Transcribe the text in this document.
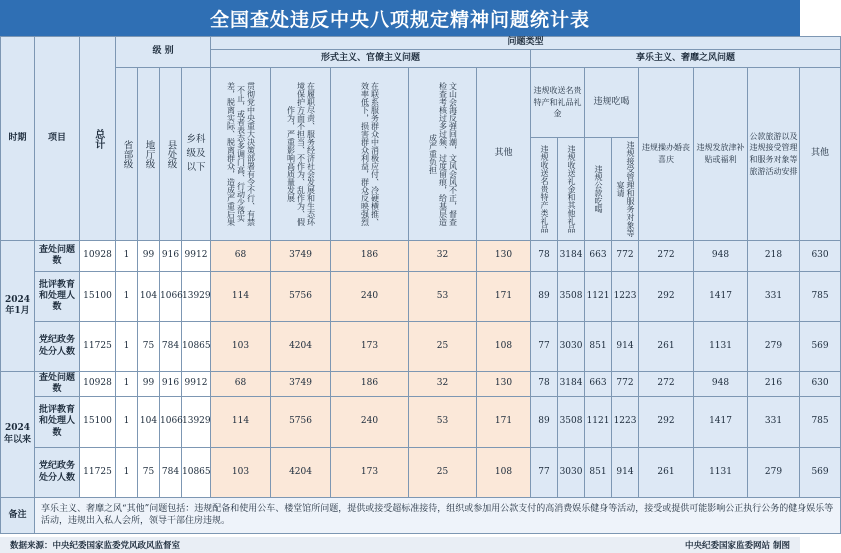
全国查处违反中央八项规定精神问题统计表
时期	项目	总计	级 别				问题类型												
							形式主义、官僚主义问题					享乐主义、奢靡之风问题							

			省部级	地厅级	县处级	乡科级及以下	贯彻党中央重大决策部署有令不行、有禁不止，或者表态多调门高、行动少落实差，脱离实际、脱离群众，造成严重后果	在履职尽责、服务经济社会发展和生态环境保护方面不担当、不作为、乱作为、假作为，严重影响高质量发展	在联系服务群众中消极应付、冷硬横推、效率低下，损害群众利益，群众反映强烈	文山会海反弹回潮，文风会风不正，督查检查考核过多过频、过度留痕，给基层造成严重负担	其他	违规收送名贵特产和礼品礼金		违规吃喝		违规操办婚丧喜庆	违规发放津补贴或福利	公款旅游以及违规接受管理和服务对象等旅游活动安排	其他

												违规收送名贵特产类礼品	违规收送礼金和其他礼品	违规公款吃喝	违规接受管理和服务对象等宴请				

2024
年1月	查处问题数	10928	1	99	916	9912	68	3749	186	32	130	78	3184	663	772	272	948	218	630
	批评教育和处理人数	15100	1	104	1066	13929	114	5756	240	53	171	89	3508	1121	1223	292	1417	331	785
	党纪政务处分人数	11725	1	75	784	10865	103	4204	173	25	108	77	3030	851	914	261	1131	279	569

2024
年以来	查处问题数	10928	1	99	916	9912	68	3749	186	32	130	78	3184	663	772	272	948	216	630
	批评教育和处理人数	15100	1	104	1066	13929	114	5756	240	53	171	89	3508	1121	1223	292	1417	331	785
	党纪政务处分人数	11725	1	75	784	10865	103	4204	173	25	108	77	3030	851	914	261	1131	279	569
备注	享乐主义、奢靡之风“其他”问题包括：违规配备和使用公车、楼堂馆所问题，提供或接受超标准接待，组织或参加用公款支付的高消费娱乐健身等活动，接受或提供可能影响公正执行公务的健身娱乐等活动，违规出入私人会所，领导干部住房违规。																		
数据来源：中央纪委国家监委党风政风监督室	中央纪委国家监委网站 制图
